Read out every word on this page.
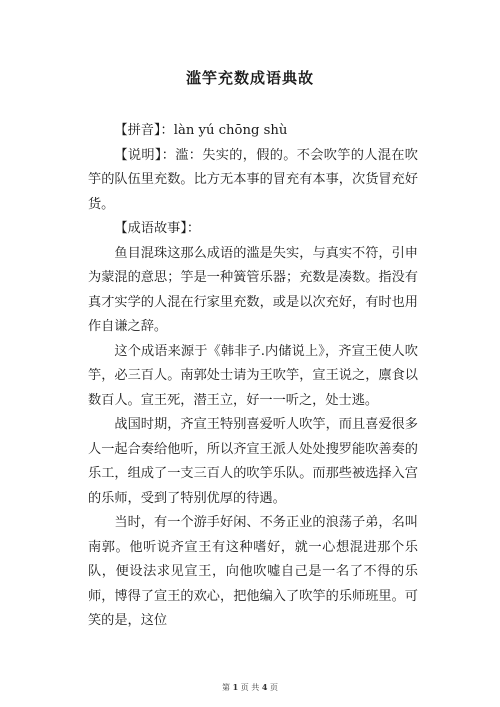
滥竽充数成语典故

【拼音】：làn yú chōng shù

【说明】：滥：失实的，假的。不会吹竽的人混在吹竽的队伍里充数。比方无本事的冒充有本事，次货冒充好货。

【成语故事】：

鱼目混珠这那么成语的滥是失实，与真实不符，引申为蒙混的意思；竽是一种簧管乐器；充数是凑数。指没有真才实学的人混在行家里充数，或是以次充好，有时也用作自谦之辞。

这个成语来源于《韩非子.内储说上》，齐宣王使人吹竽，必三百人。南郭处士请为王吹竽，宣王说之，廪食以数百人。宣王死，潜王立，好一一听之，处士逃。

战国时期，齐宣王特别喜爱听人吹竽，而且喜爱很多人一起合奏给他听，所以齐宣王派人处处搜罗能吹善奏的乐工，组成了一支三百人的吹竽乐队。而那些被选择入宫的乐师，受到了特别优厚的待遇。

当时，有一个游手好闲、不务正业的浪荡子弟，名叫南郭。他听说齐宣王有这种嗜好，就一心想混进那个乐队，便设法求见宣王，向他吹嘘自己是一名了不得的乐师，博得了宣王的欢心，把他编入了吹竽的乐师班里。可笑的是，这位

第 1 页 共 4 页
